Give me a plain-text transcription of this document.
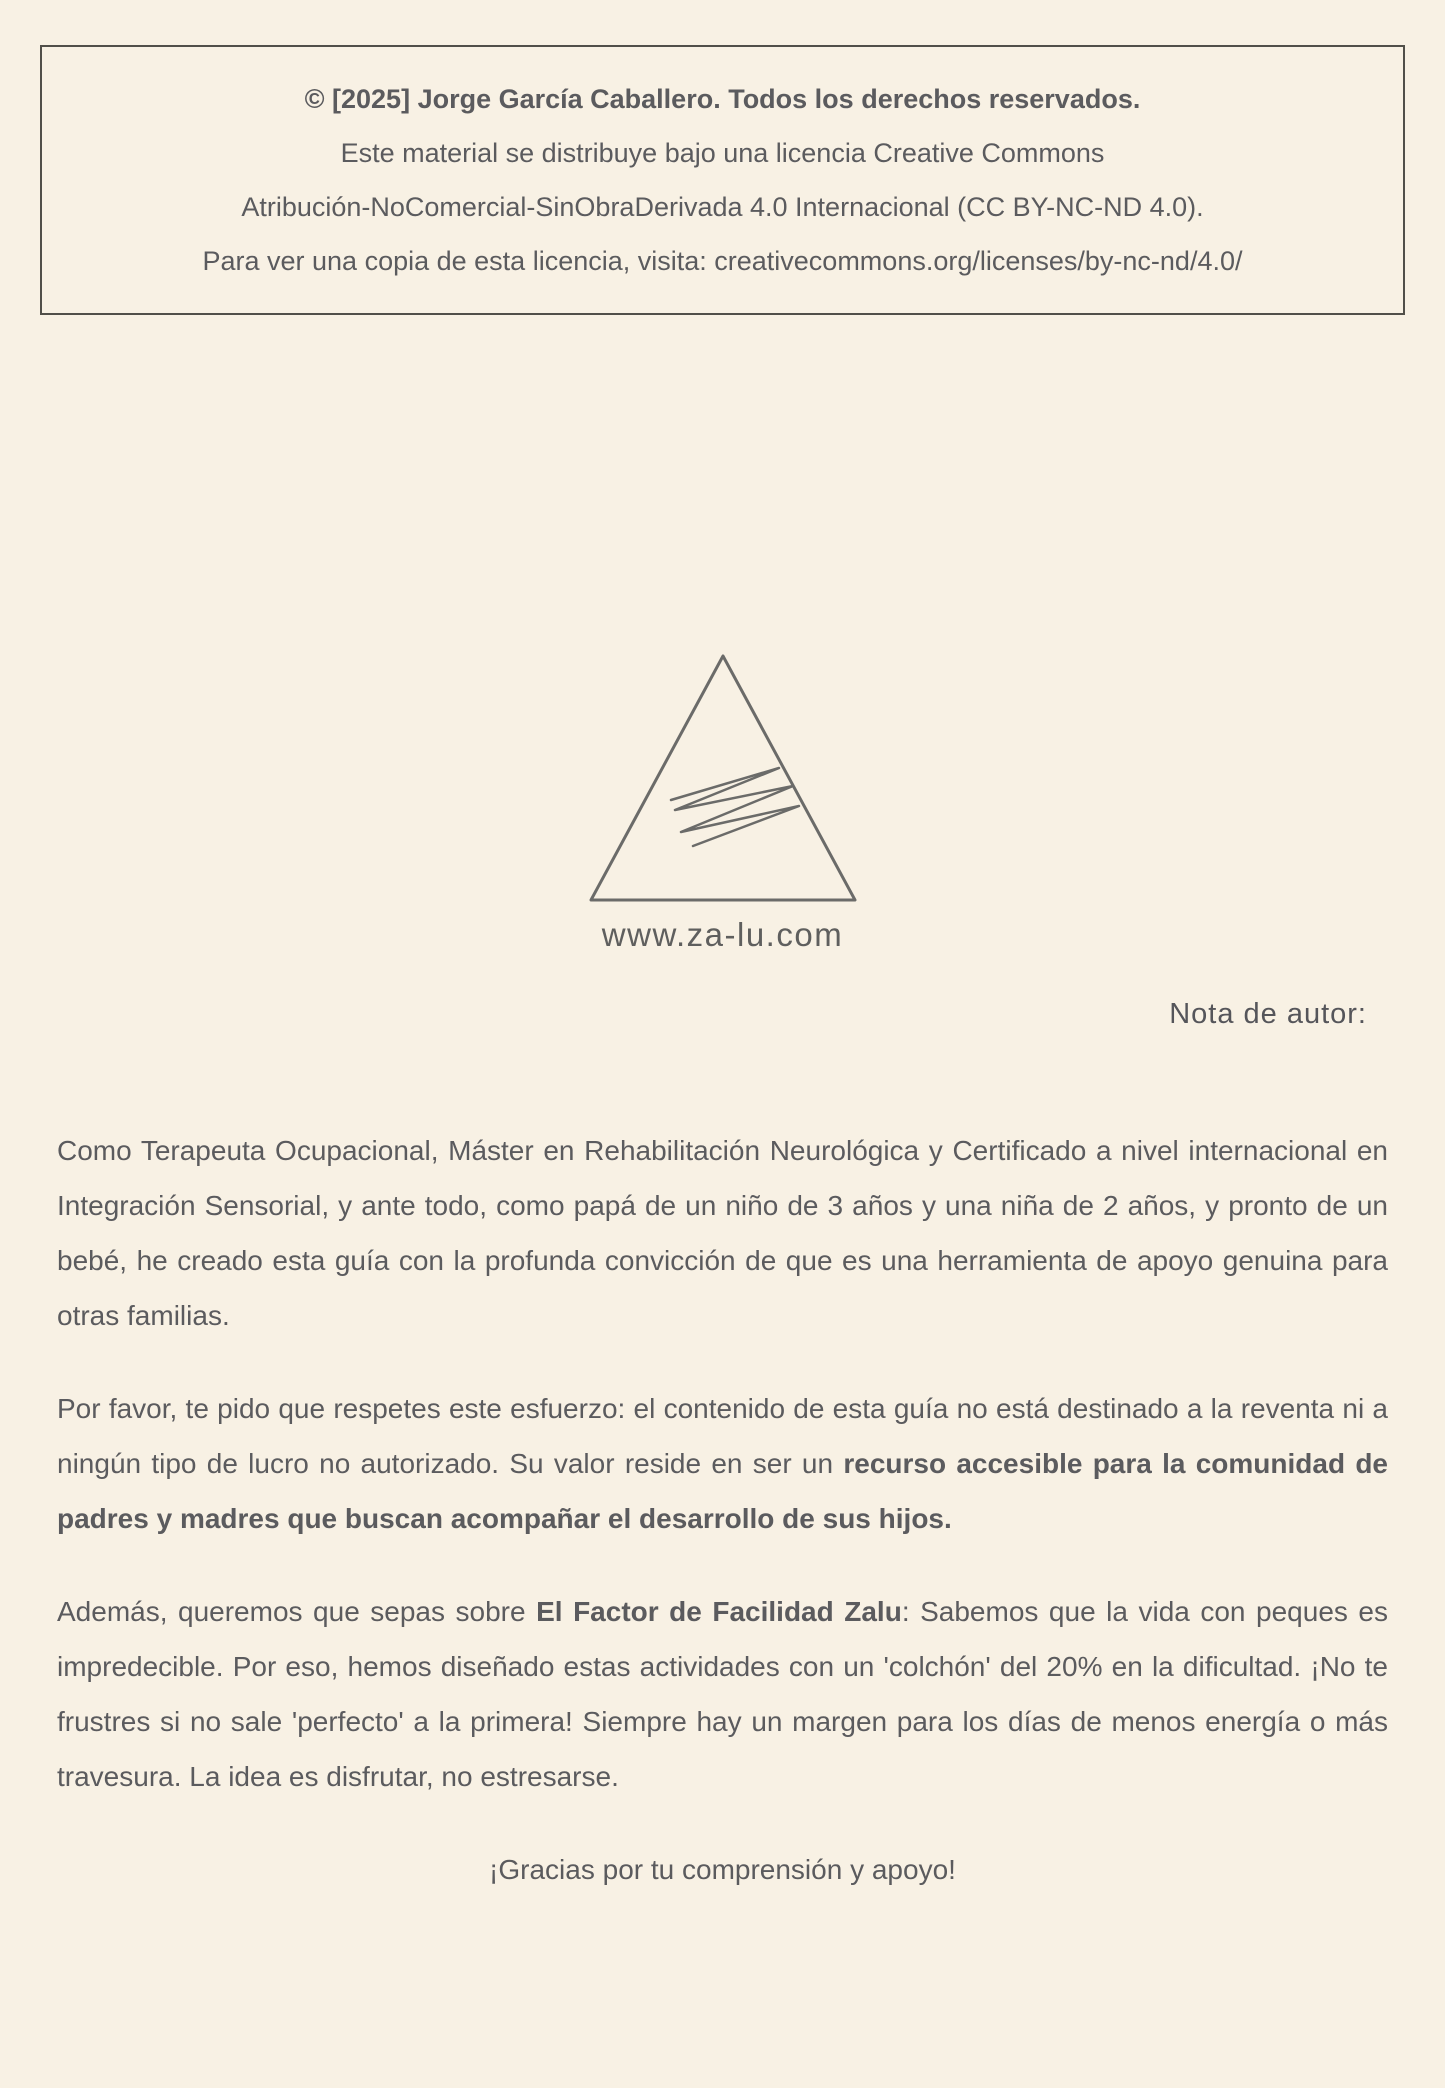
© [2025] Jorge García Caballero. Todos los derechos reservados.

Este material se distribuye bajo una licencia Creative Commons

Atribución-NoComercial-SinObraDerivada 4.0 Internacional (CC BY-NC-ND 4.0).

Para ver una copia de esta licencia, visita: creativecommons.org/licenses/by-nc-nd/4.0/

www.za-lu.com
Nota de autor:

Como Terapeuta Ocupacional, Máster en Rehabilitación Neurológica y Certificado a nivel internacional en Integración Sensorial, y ante todo, como papá de un niño de 3 años y una niña de 2 años, y pronto de un bebé, he creado esta guía con la profunda convicción de que es una herramienta de apoyo genuina para otras familias.

Por favor, te pido que respetes este esfuerzo: el contenido de esta guía no está destinado a la reventa ni a ningún tipo de lucro no autorizado. Su valor reside en ser un recurso accesible para la comunidad de padres y madres que buscan acompañar el desarrollo de sus hijos.

Además, queremos que sepas sobre El Factor de Facilidad Zalu: Sabemos que la vida con peques es impredecible. Por eso, hemos diseñado estas actividades con un 'colchón' del 20% en la dificultad. ¡No te frustres si no sale 'perfecto' a la primera! Siempre hay un margen para los días de menos energía o más travesura. La idea es disfrutar, no estresarse.

¡Gracias por tu comprensión y apoyo!
